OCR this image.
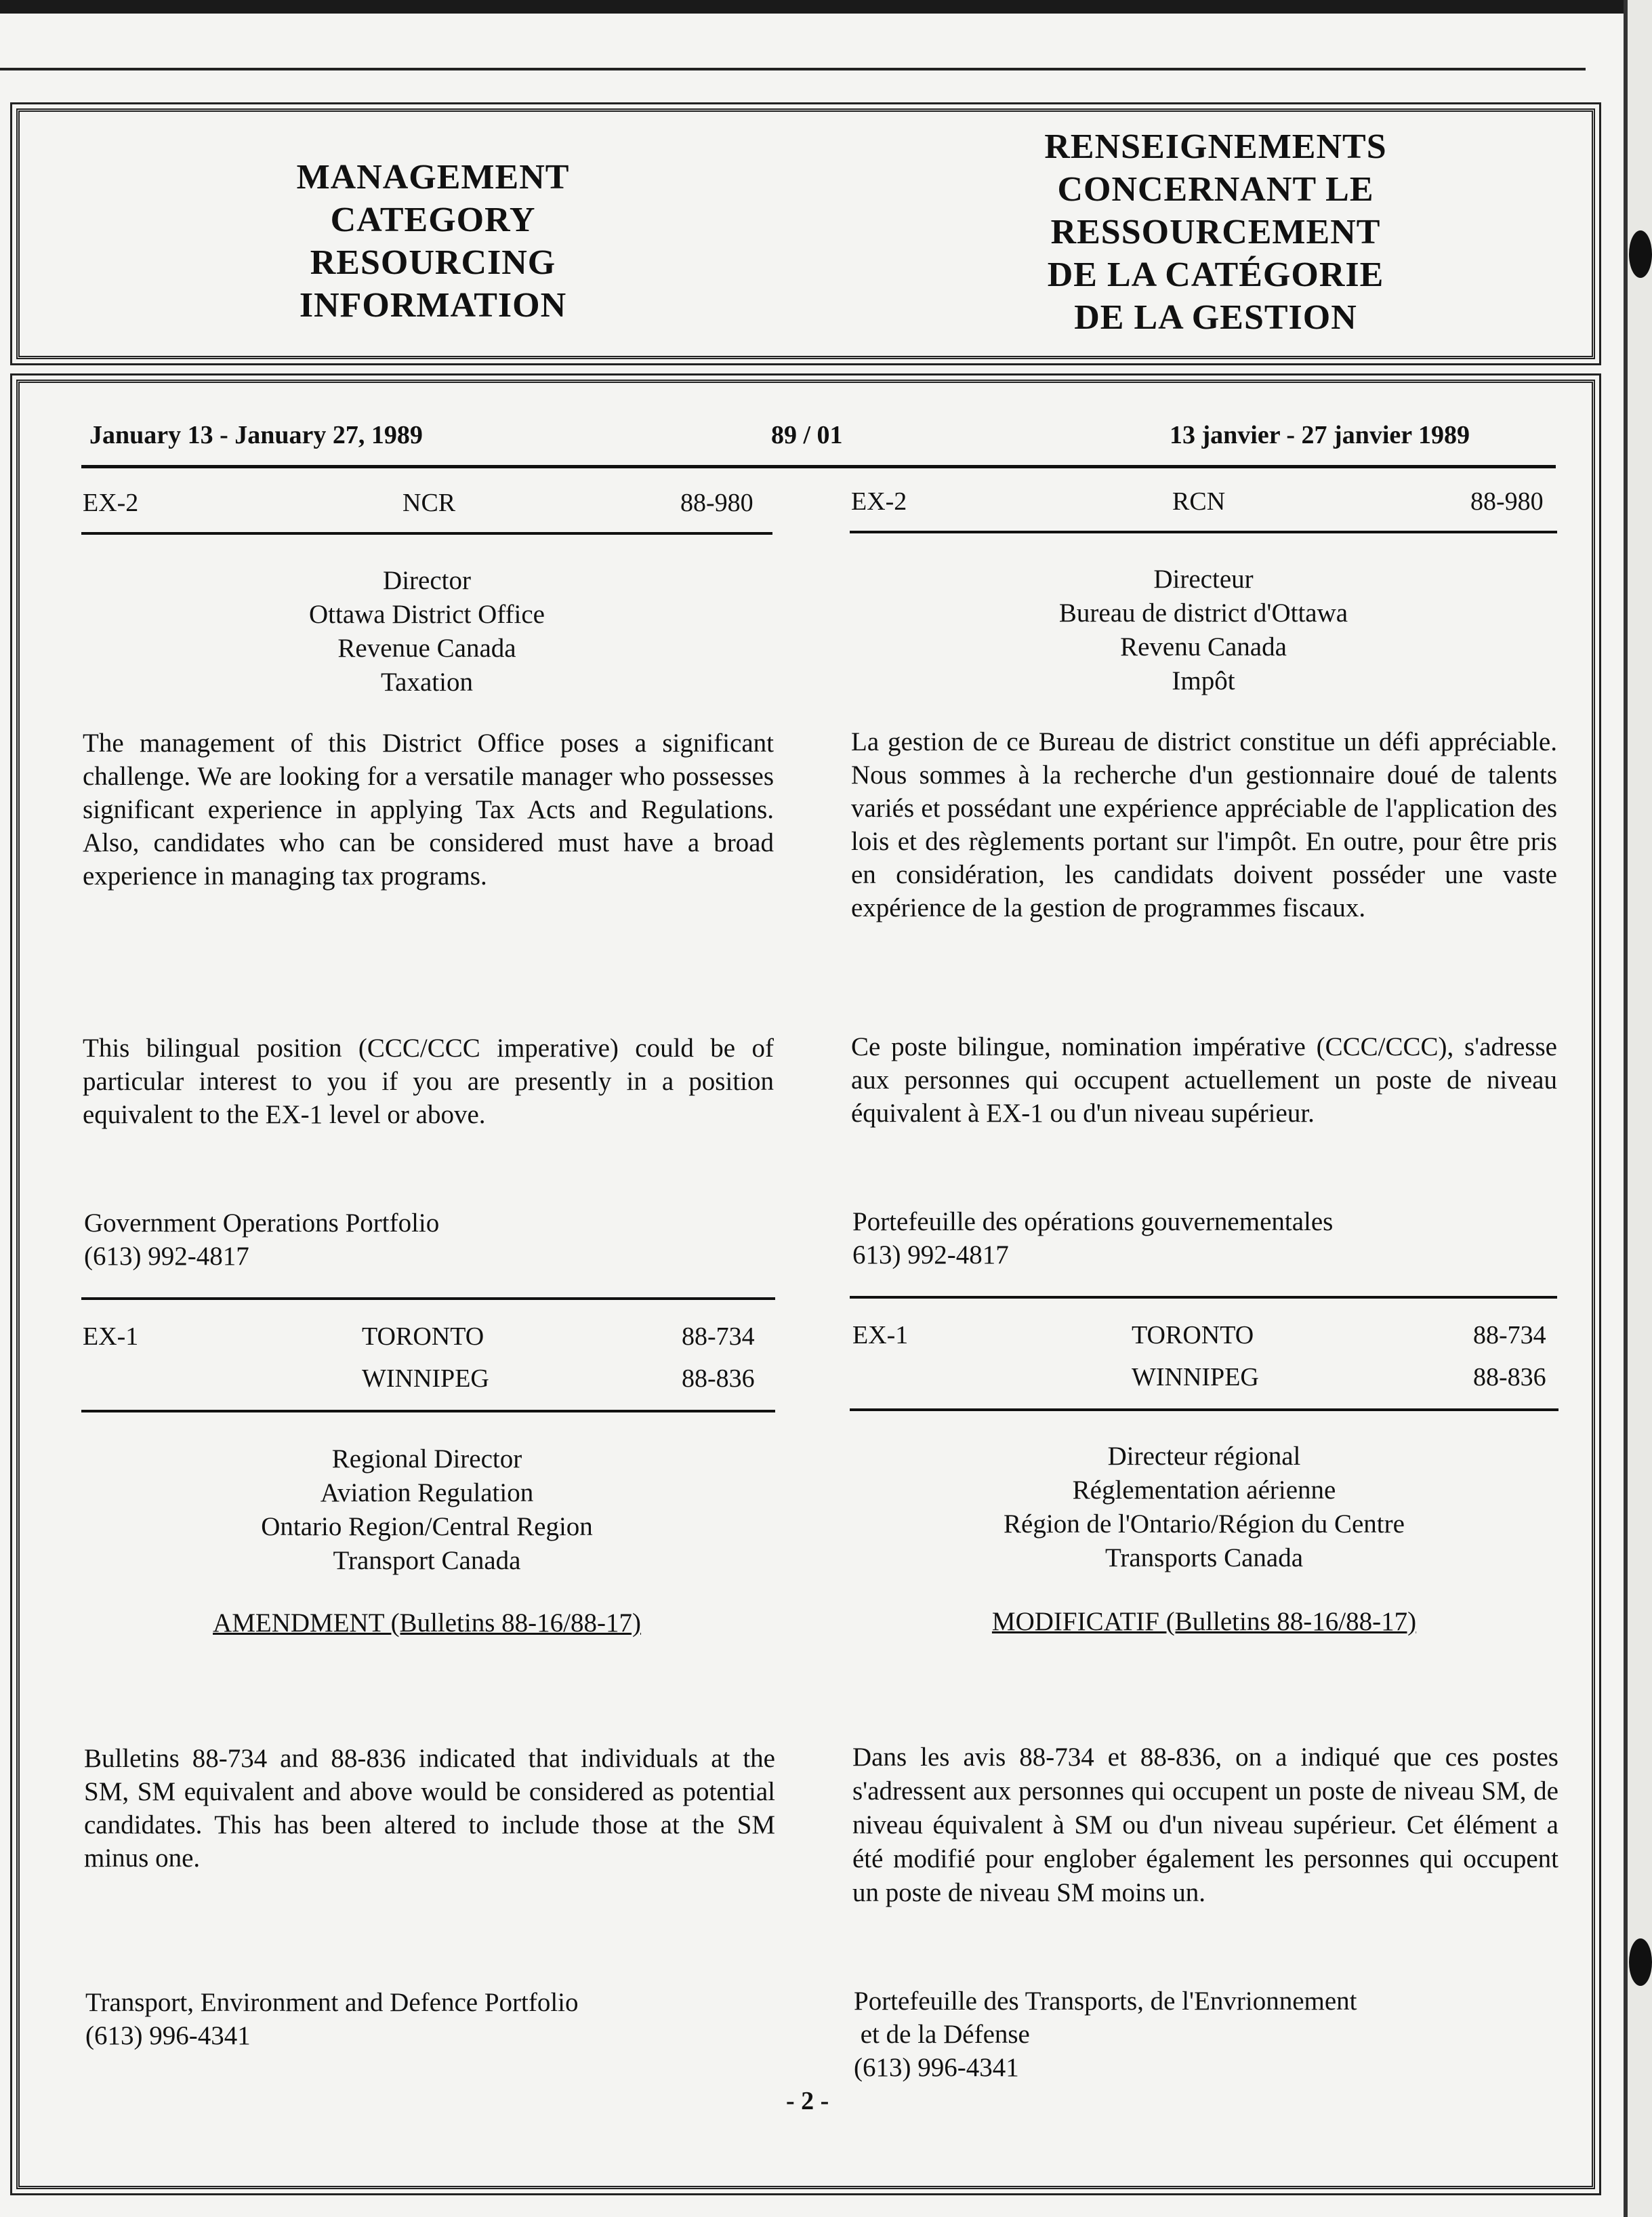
MANAGEMENT
CATEGORY
RESOURCING
INFORMATION
RENSEIGNEMENTS
CONCERNANT LE
RESSOURCEMENT
DE LA CATÉGORIE
DE LA GESTION
January 13 - January 27, 1989	89 / 01	13 janvier - 27 janvier 1989
EX-2	NCR	88-980
Director
Ottawa District Office
Revenue Canada
Taxation

The management of this District Office poses a significant challenge. We are looking for a versatile manager who possesses significant experience in applying Tax Acts and Regulations. Also, candidates who can be considered must have a broad experience in managing tax programs.

This bilingual position (CCC/CCC imperative) could be of particular interest to you if you are presently in a position equivalent to the EX-1 level or above.

Government Operations Portfolio
(613) 992-4817
EX-2	RCN	88-980
Directeur
Bureau de district d'Ottawa
Revenu Canada
Impôt

La gestion de ce Bureau de district constitue un défi appréciable. Nous sommes à la recherche d'un gestionnaire doué de talents variés et possédant une expérience appréciable de l'application des lois et des règlements portant sur l'impôt. En outre, pour être pris en considération, les candidats doivent posséder une vaste expérience de la gestion de programmes fiscaux.

Ce poste bilingue, nomination impérative (CCC/CCC), s'adresse aux personnes qui occupent actuellement un poste de niveau équivalent à EX-1 ou d'un niveau supérieur.

Portefeuille des opérations gouvernementales
613) 992-4817
EX-1	TORONTO	88-734
WINNIPEG	88-836
Regional Director
Aviation Regulation
Ontario Region/Central Region
Transport Canada
AMENDMENT (Bulletins 88-16/88-17)

Bulletins 88-734 and 88-836 indicated that individuals at the SM, SM equivalent and above would be considered as potential candidates. This has been altered to include those at the SM minus one.

Transport, Environment and Defence Portfolio
(613) 996-4341
EX-1	TORONTO	88-734
WINNIPEG	88-836
Directeur régional
Réglementation aérienne
Région de l'Ontario/Région du Centre
Transports Canada
MODIFICATIF (Bulletins 88-16/88-17)

Dans les avis 88-734 et 88-836, on a indiqué que ces postes s'adressent aux personnes qui occupent un poste de niveau SM, de niveau équivalent à SM ou d'un niveau supérieur. Cet élément a été modifié pour englober également les personnes qui occupent un poste de niveau SM moins un.

Portefeuille des Transports, de l'Envrionnement
et de la Défense
(613) 996-4341
- 2 -
